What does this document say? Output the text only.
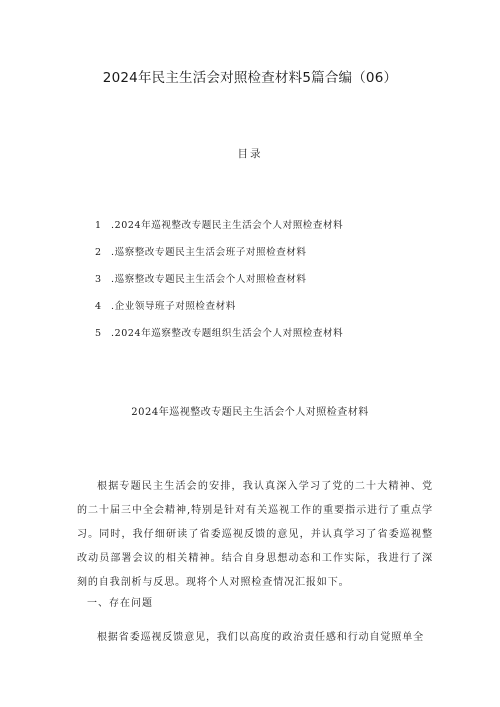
2024年民主生活会对照检查材料5篇合编（06）
目录
1 .2024年巡视整改专题民主生活会个人对照检查材料
2 .巡察整改专题民主生活会班子对照检查材料
3 .巡察整改专题民主生活会个人对照检查材料
4 .企业领导班子对照检查材料
5 .2024年巡察整改专题组织生活会个人对照检查材料
2024年巡视整改专题民主生活会个人对照检查材料

根据专题民主生活会的安排，我认真深入学习了党的二十大精神、党的二十届三中全会精神,特别是针对有关巡视工作的重要指示进行了重点学习。同时，我仔细研读了省委巡视反馈的意见，并认真学习了省委巡视整改动员部署会议的相关精神。结合自身思想动态和工作实际，我进行了深刻的自我剖析与反思。现将个人对照检查情况汇报如下。

一、存在问题

根据省委巡视反馈意见，我们以高度的政治责任感和行动自觉照单全
